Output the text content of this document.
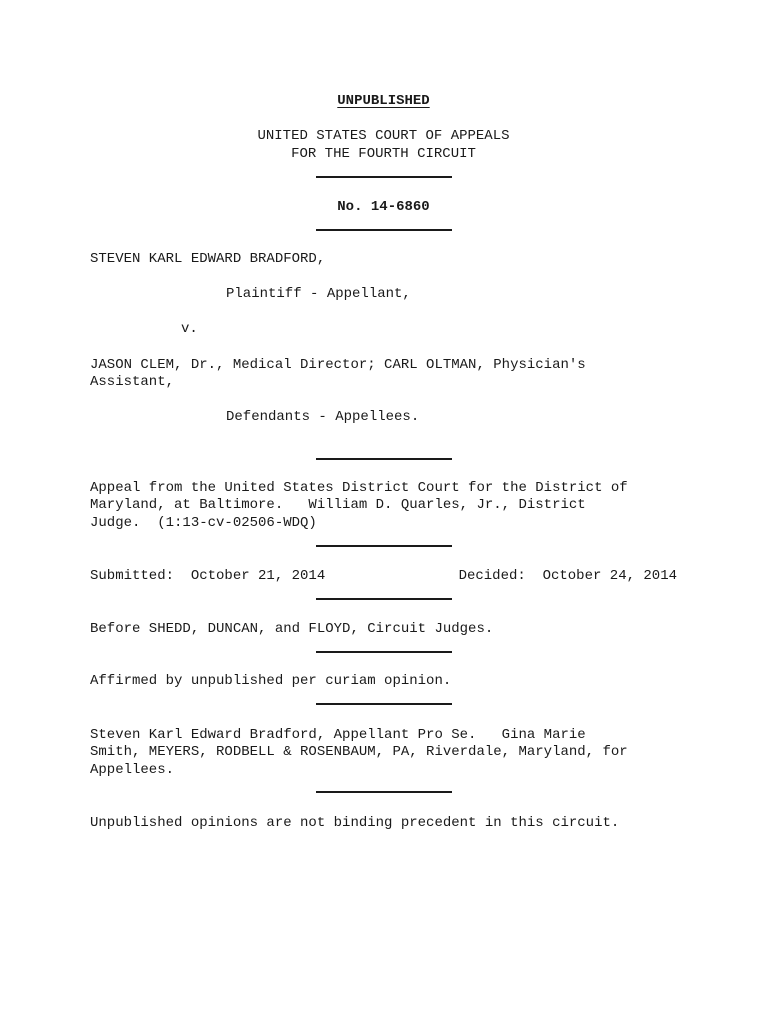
UNPUBLISHED
UNITED STATES COURT OF APPEALS
FOR THE FOURTH CIRCUIT
No. 14-6860
STEVEN KARL EDWARD BRADFORD,
Plaintiff - Appellant,
v.
JASON CLEM, Dr., Medical Director; CARL OLTMAN, Physician's
Assistant,
Defendants - Appellees.
Appeal from the United States District Court for the District of
Maryland, at Baltimore.   William D. Quarles, Jr., District
Judge.  (1:13-cv-02506-WDQ)
Submitted:  October 21, 2014	Decided:  October 24, 2014
Before SHEDD, DUNCAN, and FLOYD, Circuit Judges.
Affirmed by unpublished per curiam opinion.
Steven Karl Edward Bradford, Appellant Pro Se.   Gina Marie
Smith, MEYERS, RODBELL & ROSENBAUM, PA, Riverdale, Maryland, for
Appellees.
Unpublished opinions are not binding precedent in this circuit.
